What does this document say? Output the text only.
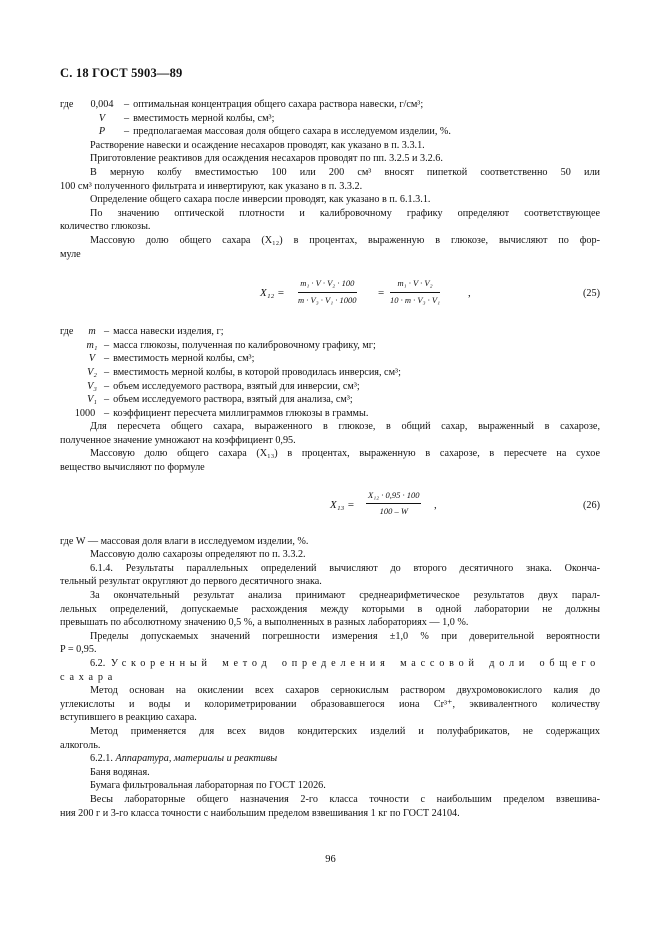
С. 18 ГОСТ 5903—89
где	0,004	– оптимальная концентрация общего сахара раствора навески, г/см³;
V	– вместимость мерной колбы, см³;
P	– предполагаемая массовая доля общего сахара в исследуемом изделии, %.

Растворение навески и осаждение несахаров проводят, как указано в п. 3.3.1.

Приготовление реактивов для осаждения несахаров проводят по пп. 3.2.5 и 3.2.6.

В мерную колбу вместимостью 100 или 200 см³ вносят пипеткой соответственно 50 или

100 см³ полученного фильтрата и инвертируют, как указано в п. 3.3.2.

Определение общего сахара после инверсии проводят, как указано в п. 6.1.3.1.

По значению оптической плотности и калибровочному графику определяют соответствующее

количество глюкозы.

Массовую долю общего сахара (X₁₂) в процентах, выраженную в глюкозе, вычисляют по фор-

муле

$X_{12} = \frac{\text{m₁ · V · V₂ · 100}}{\text{m · V₃ · V₁ · 1000}} = \frac{\text{m₁ · V · V₂}}{\text{10 · m · V₃ · V₁}}$	,	(25)
где	m – масса навески изделия, г;
m₁ – масса глюкозы, полученная по калибровочному графику, мг;
V – вместимость мерной колбы, см³;
V₂ – вместимость мерной колбы, в которой проводилась инверсия, см³;
V₃ – объем исследуемого раствора, взятый для инверсии, см³;
V₁ – объем исследуемого раствора, взятый для анализа, см³;
1000 – коэффициент пересчета миллиграммов глюкозы в граммы.

Для пересчета общего сахара, выраженного в глюкозе, в общий сахар, выраженный в сахарозе,

полученное значение умножают на коэффициент 0,95.

Массовую долю общего сахара (X₁₃) в процентах, выраженную в сахарозе, в пересчете на сухое

вещество вычисляют по формуле

$X_{13} = \frac{\text{X₁₂ · 0,95 · 100}}{100 - W}$ ,	(26)

где W — массовая доля влаги в исследуемом изделии, %.

Массовую долю сахарозы определяют по п. 3.3.2.

6.1.4. Результаты параллельных определений вычисляют до второго десятичного знака. Оконча-

тельный результат округляют до первого десятичного знака.

За окончательный результат анализа принимают среднеарифметическое результатов двух парал-

лельных определений, допускаемые расхождения между которыми в одной лаборатории не должны

превышать по абсолютному значению 0,5 %, а выполненных в разных лабораториях — 1,0 %.

Пределы допускаемых значений погрешности измерения ±1,0 % при доверительной вероятности

P = 0,95.

6.2. Ускоренный метод определения массовой доли общего

сахара

Метод основан на окислении всех сахаров сернокислым раствором двухромовокислого калия до

углекислоты и воды и колориметрировании образовавшегося иона Cr³⁺, эквивалентного количеству

вступившего в реакцию сахара.

Метод применяется для всех видов кондитерских изделий и полуфабрикатов, не содержащих

алкоголь.

6.2.1. Аппаратура, материалы и реактивы

Баня водяная.

Бумага фильтровальная лабораторная по ГОСТ 12026.

Весы лабораторные общего назначения 2-го класса точности с наибольшим пределом взвешива-

ния 200 г и 3-го класса точности с наибольшим пределом взвешивания 1 кг по ГОСТ 24104.

96
